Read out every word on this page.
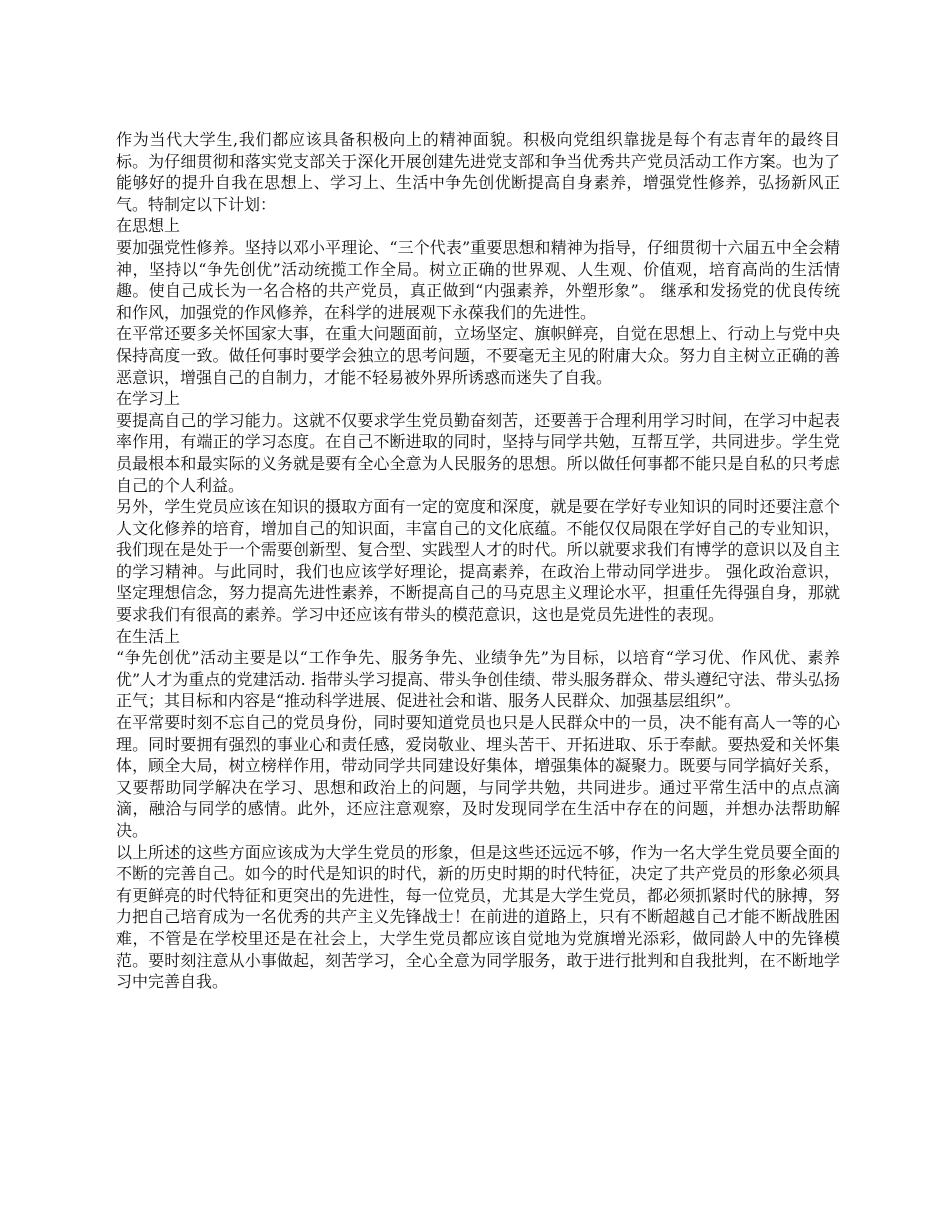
作为当代大学生,我们都应该具备积极向上的精神面貌。积极向党组织靠拢是每个有志青年的最终目标。为仔细贯彻和落实党支部关于深化开展创建先进党支部和争当优秀共产党员活动工作方案。也为了能够好的提升自我在思想上、学习上、生活中争先创优断提高自身素养，增强党性修养，弘扬新风正气。特制定以下计划：

在思想上

要加强党性修养。坚持以邓小平理论、“三个代表”重要思想和精神为指导，仔细贯彻十六届五中全会精神，坚持以“争先创优”活动统揽工作全局。树立正确的世界观、人生观、价值观，培育高尚的生活情趣。使自己成长为一名合格的共产党员，真正做到“内强素养，外塑形象”。 继承和发扬党的优良传统和作风，加强党的作风修养，在科学的进展观下永葆我们的先进性。

在平常还要多关怀国家大事，在重大问题面前，立场坚定、旗帜鲜亮，自觉在思想上、行动上与党中央保持高度一致。做任何事时要学会独立的思考问题，不要毫无主见的附庸大众。努力自主树立正确的善恶意识，增强自己的自制力，才能不轻易被外界所诱惑而迷失了自我。

在学习上

要提高自己的学习能力。这就不仅要求学生党员勤奋刻苦，还要善于合理利用学习时间，在学习中起表率作用，有端正的学习态度。在自己不断进取的同时，坚持与同学共勉，互帮互学，共同进步。学生党员最根本和最实际的义务就是要有全心全意为人民服务的思想。所以做任何事都不能只是自私的只考虑自己的个人利益。

另外，学生党员应该在知识的摄取方面有一定的宽度和深度，就是要在学好专业知识的同时还要注意个人文化修养的培育，增加自己的知识面，丰富自己的文化底蕴。不能仅仅局限在学好自己的专业知识，我们现在是处于一个需要创新型、复合型、实践型人才的时代。所以就要求我们有博学的意识以及自主的学习精神。与此同时，我们也应该学好理论，提高素养，在政治上带动同学进步。 强化政治意识，坚定理想信念，努力提高先进性素养，不断提高自己的马克思主义理论水平，担重任先得强自身，那就要求我们有很高的素养。学习中还应该有带头的模范意识，这也是党员先进性的表现。

在生活上

“争先创优”活动主要是以“工作争先、服务争先、业绩争先”为目标，以培育“学习优、作风优、素养优”人才为重点的党建活动. 指带头学习提高、带头争创佳绩、带头服务群众、带头遵纪守法、带头弘扬正气；其目标和内容是“推动科学进展、促进社会和谐、服务人民群众、加强基层组织”。

在平常要时刻不忘自己的党员身份，同时要知道党员也只是人民群众中的一员，决不能有高人一等的心理。同时要拥有强烈的事业心和责任感，爱岗敬业、埋头苦干、开拓进取、乐于奉献。要热爱和关怀集体，顾全大局，树立榜样作用，带动同学共同建设好集体，增强集体的凝聚力。既要与同学搞好关系，又要帮助同学解决在学习、思想和政治上的问题，与同学共勉，共同进步。通过平常生活中的点点滴滴，融洽与同学的感情。此外，还应注意观察，及时发现同学在生活中存在的问题，并想办法帮助解决。

以上所述的这些方面应该成为大学生党员的形象，但是这些还远远不够，作为一名大学生党员要全面的不断的完善自己。如今的时代是知识的时代，新的历史时期的时代特征，决定了共产党员的形象必须具有更鲜亮的时代特征和更突出的先进性，每一位党员，尤其是大学生党员，都必须抓紧时代的脉搏，努力把自己培育成为一名优秀的共产主义先锋战士！在前进的道路上，只有不断超越自己才能不断战胜困难，不管是在学校里还是在社会上，大学生党员都应该自觉地为党旗增光添彩，做同龄人中的先锋模范。要时刻注意从小事做起，刻苦学习，全心全意为同学服务，敢于进行批判和自我批判，在不断地学习中完善自我。
